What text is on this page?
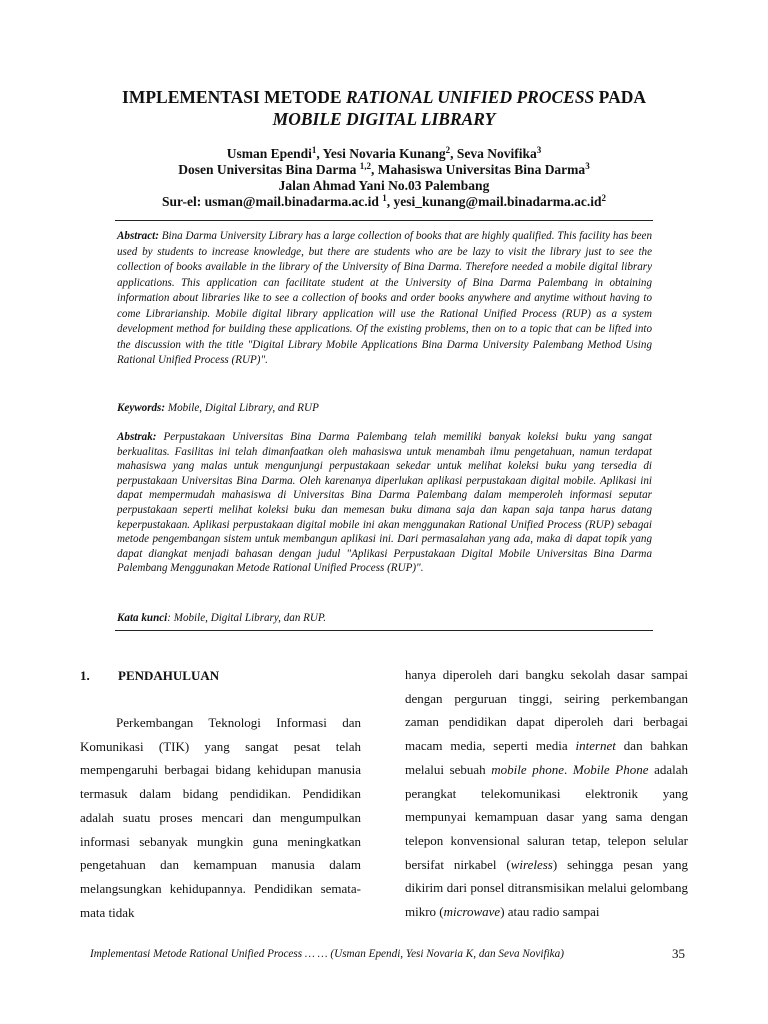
IMPLEMENTASI METODE RATIONAL UNIFIED PROCESS PADA
MOBILE DIGITAL LIBRARY
Usman Ependi$^1$, Yesi Novaria Kunang$^2$, Seva Novifika$^3$
Dosen Universitas Bina Darma $^{1,2}$, Mahasiswa Universitas Bina Darma$^3$
Jalan Ahmad Yani No.03 Palembang
Sur-el: usman@mail.binadarma.ac.id $^1$, $yesi\_kunang@mail.binadarma.ac.id^2$
Abstract: Bina Darma University Library has a large collection of books that are highly qualified. This facility has been used by students to increase knowledge, but there are students who are be lazy to visit the library just to see the collection of books available in the library of the University of Bina Darma. Therefore needed a mobile digital library applications. This application can facilitate student at the University of Bina Darma Palembang in obtaining information about libraries like to see a collection of books and order books anywhere and anytime without having to come Librarianship. Mobile digital library application will use the Rational Unified Process (RUP) as a system development method for building these applications. Of the existing problems, then on to a topic that can be lifted into the discussion with the title "Digital Library Mobile Applications Bina Darma University Palembang Method Using Rational Unified Process (RUP)".
Keywords: Mobile, Digital Library, and RUP
Abstrak: Perpustakaan Universitas Bina Darma Palembang telah memiliki banyak koleksi buku yang sangat berkualitas. Fasilitas ini telah dimanfaatkan oleh mahasiswa untuk menambah ilmu pengetahuan, namun terdapat mahasiswa yang malas untuk mengunjungi perpustakaan sekedar untuk melihat koleksi buku yang tersedia di perpustakaan Universitas Bina Darma. Oleh karenanya diperlukan aplikasi perpustakaan digital mobile. Aplikasi ini dapat mempermudah mahasiswa di Universitas Bina Darma Palembang dalam memperoleh informasi seputar perpustakaan seperti melihat koleksi buku dan memesan buku dimana saja dan kapan saja tanpa harus datang keperpustakaan. Aplikasi perpustakaan digital mobile ini akan menggunakan Rational Unified Process (RUP) sebagai metode pengembangan sistem untuk membangun aplikasi ini. Dari permasalahan yang ada, maka di dapat topik yang dapat diangkat menjadi bahasan dengan judul "Aplikasi Perpustakaan Digital Mobile Universitas Bina Darma Palembang Menggunakan Metode Rational Unified Process (RUP)".
Kata kunci: Mobile, Digital Library, dan RUP.
1. PENDAHULUAN
Perkembangan Teknologi Informasi dan Komunikasi (TIK) yang sangat pesat telah mempengaruhi berbagai bidang kehidupan manusia termasuk dalam bidang pendidikan. Pendidikan adalah suatu proses mencari dan mengumpulkan informasi sebanyak mungkin guna meningkatkan pengetahuan dan kemampuan manusia dalam melangsungkan kehidupannya. Pendidikan semata-mata tidak
hanya diperoleh dari bangku sekolah dasar sampai dengan perguruan tinggi, seiring perkembangan zaman pendidikan dapat diperoleh dari berbagai macam media, seperti media internet dan bahkan melalui sebuah mobile phone. Mobile Phone adalah perangkat telekomunikasi elektronik yang mempunyai kemampuan dasar yang sama dengan telepon konvensional saluran tetap, telepon selular bersifat nirkabel (wireless) sehingga pesan yang dikirim dari ponsel ditransmisikan melalui gelombang mikro (microwave) atau radio sampai
Implementasi Metode Rational Unified Process … … (Usman Ependi, Yesi Novaria K, dan Seva Novifika)	35
